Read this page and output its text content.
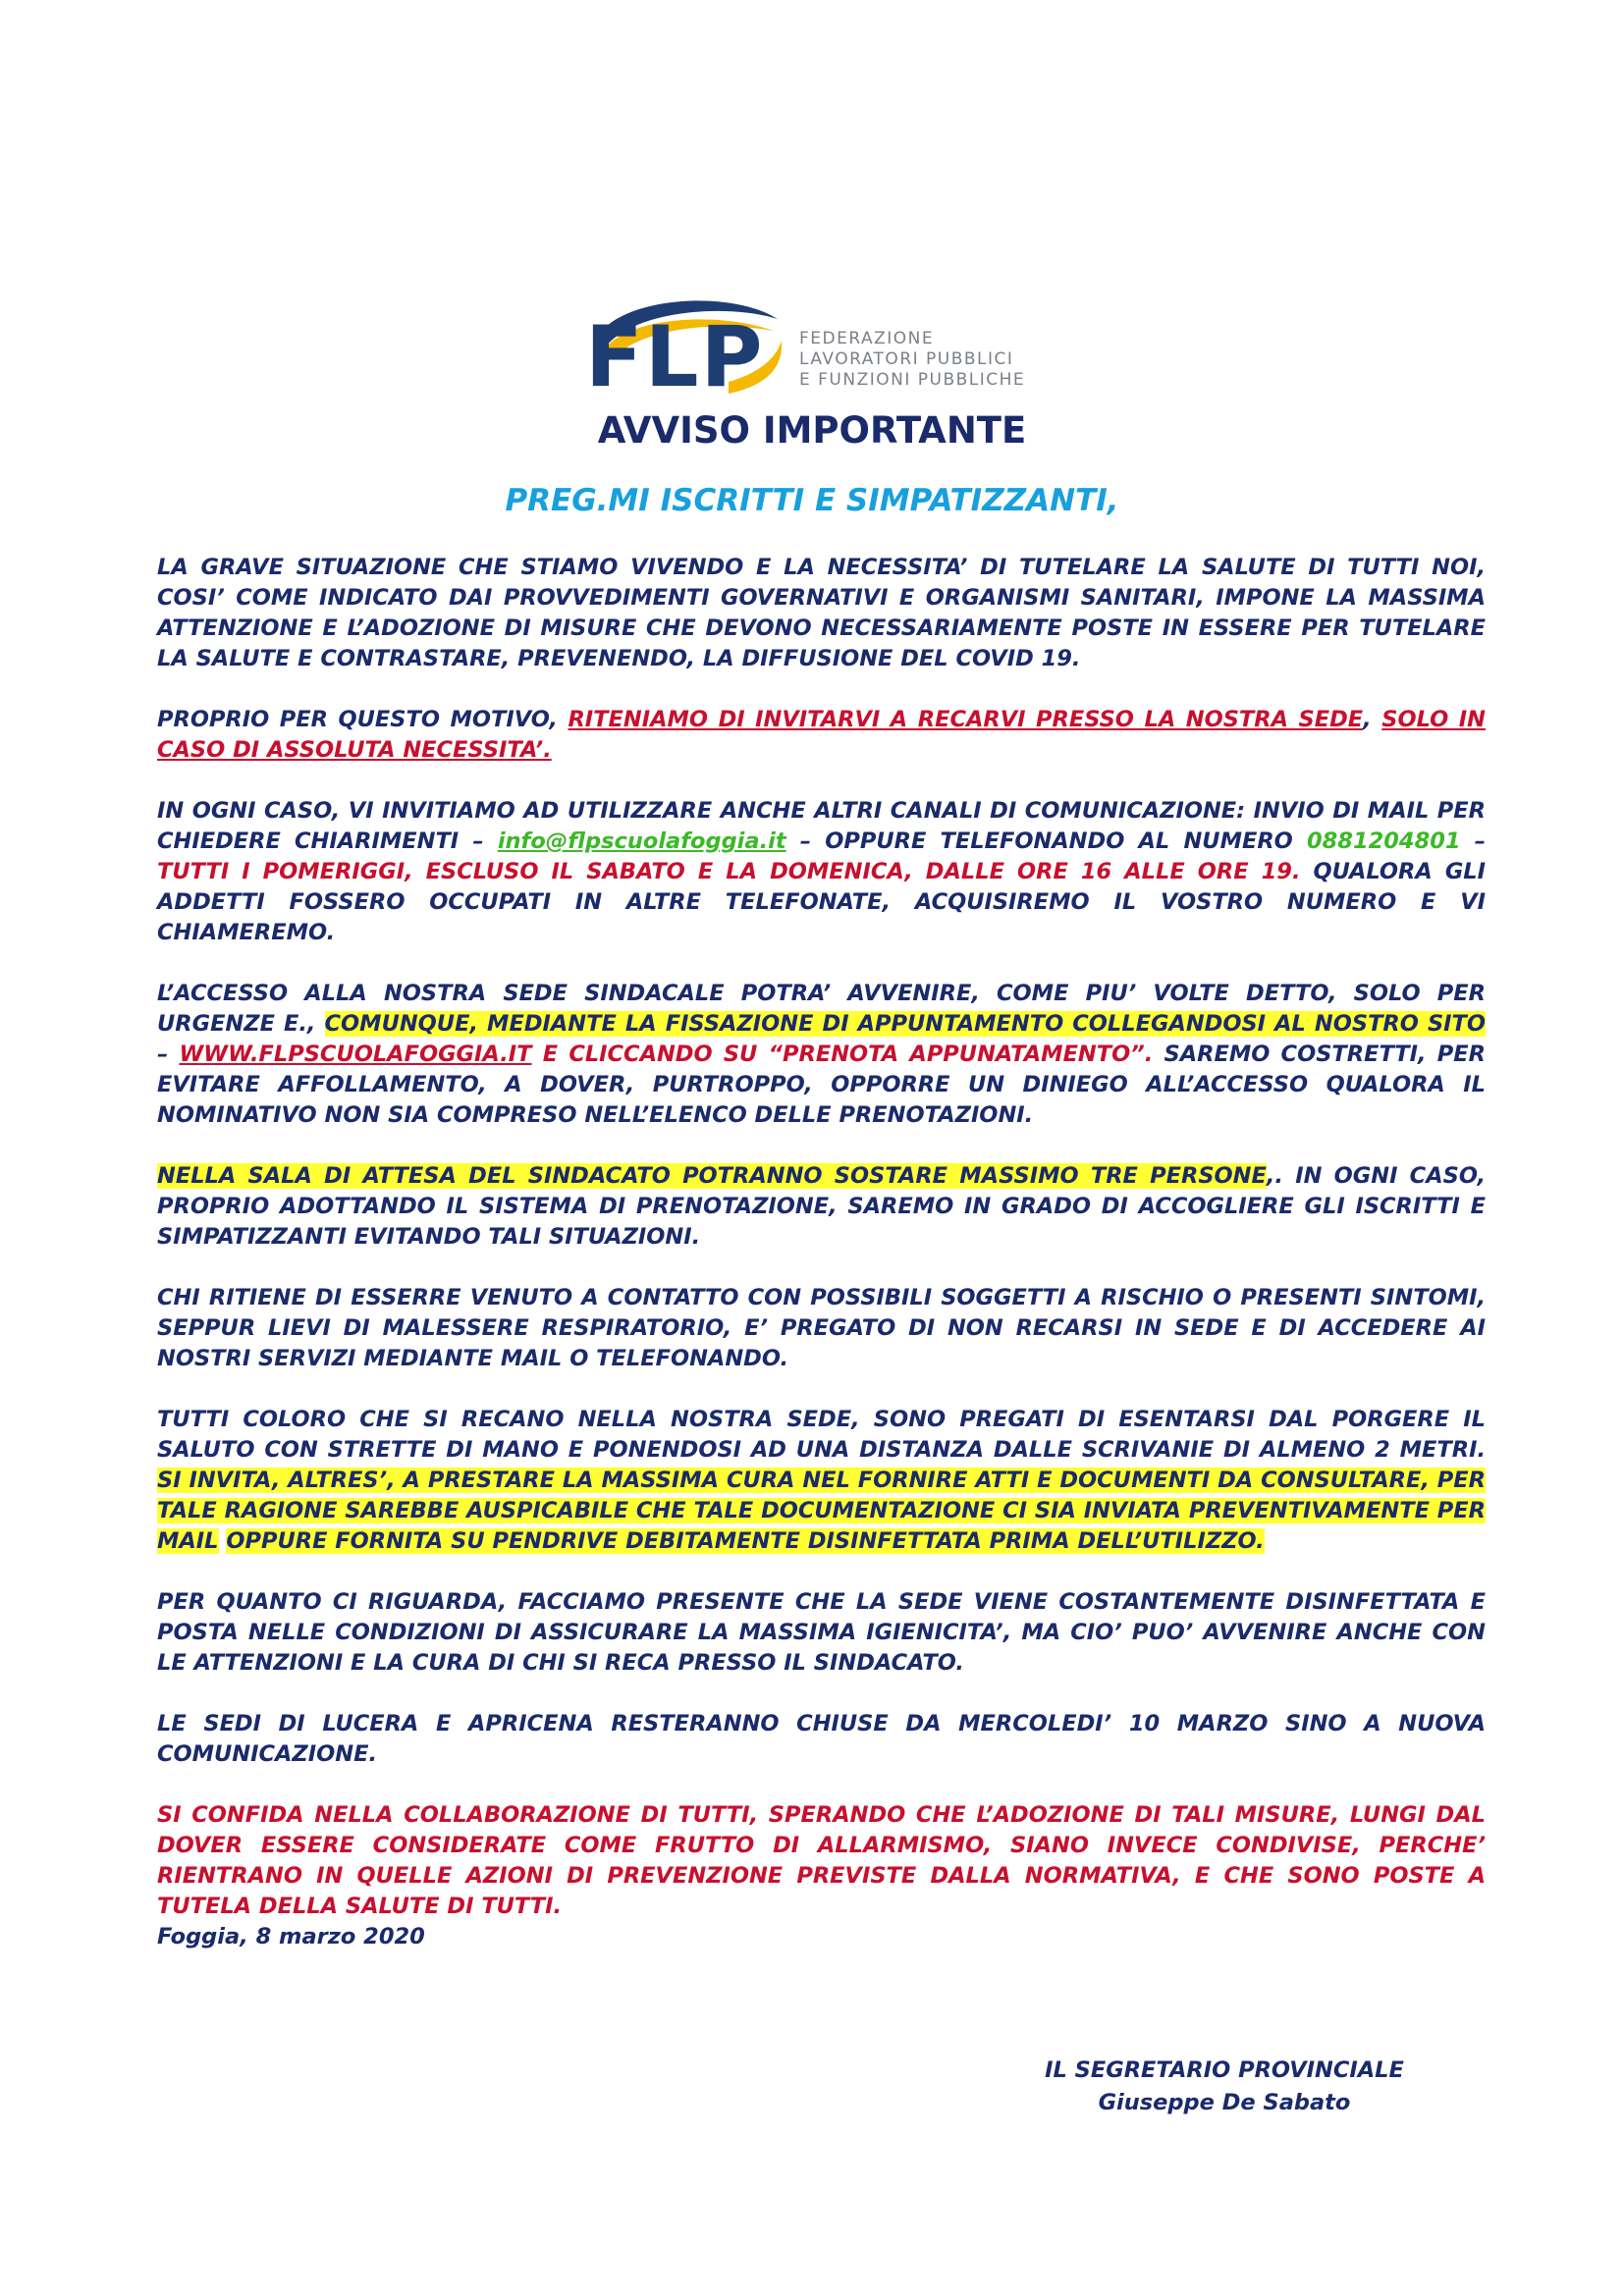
FLP FEDERAZIONE
LAVORATORI PUBBLICI
E FUNZIONI PUBBLICHE
AVVISO IMPORTANTE
PREG.MI ISCRITTI E SIMPATIZZANTI,

LA GRAVE SITUAZIONE CHE STIAMO VIVENDO E LA NECESSITA’ DI TUTELARE LA SALUTE DI TUTTI NOI, COSI’ COME INDICATO DAI PROVVEDIMENTI GOVERNATIVI E ORGANISMI SANITARI, IMPONE LA MASSIMA ATTENZIONE E L’ADOZIONE DI MISURE CHE DEVONO NECESSARIAMENTE POSTE IN ESSERE PER TUTELARE LA SALUTE E CONTRASTARE, PREVENENDO, LA DIFFUSIONE DEL COVID 19.

PROPRIO PER QUESTO MOTIVO, RITENIAMO DI INVITARVI A RECARVI PRESSO LA NOSTRA SEDE, SOLO IN CASO DI ASSOLUTA NECESSITA’.

IN OGNI CASO, VI INVITIAMO AD UTILIZZARE ANCHE ALTRI CANALI DI COMUNICAZIONE: INVIO DI MAIL PER CHIEDERE CHIARIMENTI – info@flpscuolafoggia.it – OPPURE TELEFONANDO AL NUMERO 0881204801 – TUTTI I POMERIGGI, ESCLUSO IL SABATO E LA DOMENICA, DALLE ORE 16 ALLE ORE 19. QUALORA GLI ADDETTI FOSSERO OCCUPATI IN ALTRE TELEFONATE, ACQUISIREMO IL VOSTRO NUMERO E VI CHIAMEREMO.

L’ACCESSO ALLA NOSTRA SEDE SINDACALE POTRA’ AVVENIRE, COME PIU’ VOLTE DETTO, SOLO PER URGENZE E., COMUNQUE, MEDIANTE LA FISSAZIONE DI APPUNTAMENTO COLLEGANDOSI AL NOSTRO SITO – WWW.FLPSCUOLAFOGGIA.IT E CLICCANDO SU “PRENOTA APPUNATAMENTO”. SAREMO COSTRETTI, PER EVITARE AFFOLLAMENTO, A DOVER, PURTROPPO, OPPORRE UN DINIEGO ALL’ACCESSO QUALORA IL NOMINATIVO NON SIA COMPRESO NELL’ELENCO DELLE PRENOTAZIONI.

NELLA SALA DI ATTESA DEL SINDACATO POTRANNO SOSTARE MASSIMO TRE PERSONE,. IN OGNI CASO, PROPRIO ADOTTANDO IL SISTEMA DI PRENOTAZIONE, SAREMO IN GRADO DI ACCOGLIERE GLI ISCRITTI E SIMPATIZZANTI EVITANDO TALI SITUAZIONI.

CHI RITIENE DI ESSERRE VENUTO A CONTATTO CON POSSIBILI SOGGETTI A RISCHIO O PRESENTI SINTOMI, SEPPUR LIEVI DI MALESSERE RESPIRATORIO, E’ PREGATO DI NON RECARSI IN SEDE E DI ACCEDERE AI NOSTRI SERVIZI MEDIANTE MAIL O TELEFONANDO.

TUTTI COLORO CHE SI RECANO NELLA NOSTRA SEDE, SONO PREGATI DI ESENTARSI DAL PORGERE IL SALUTO CON STRETTE DI MANO E PONENDOSI AD UNA DISTANZA DALLE SCRIVANIE DI ALMENO 2 METRI. SI INVITA, ALTRES’, A PRESTARE LA MASSIMA CURA NEL FORNIRE ATTI E DOCUMENTI DA CONSULTARE, PER TALE RAGIONE SAREBBE AUSPICABILE CHE TALE DOCUMENTAZIONE CI SIA INVIATA PREVENTIVAMENTE PER MAIL OPPURE FORNITA SU PENDRIVE DEBITAMENTE DISINFETTATA PRIMA DELL’UTILIZZO.

PER QUANTO CI RIGUARDA, FACCIAMO PRESENTE CHE LA SEDE VIENE COSTANTEMENTE DISINFETTATA E POSTA NELLE CONDIZIONI DI ASSICURARE LA MASSIMA IGIENICITA’, MA CIO’ PUO’ AVVENIRE ANCHE CON LE ATTENZIONI E LA CURA DI CHI SI RECA PRESSO IL SINDACATO.

LE SEDI DI LUCERA E APRICENA RESTERANNO CHIUSE DA MERCOLEDI’ 10 MARZO SINO A NUOVA COMUNICAZIONE.

SI CONFIDA NELLA COLLABORAZIONE DI TUTTI, SPERANDO CHE L’ADOZIONE DI TALI MISURE, LUNGI DAL DOVER ESSERE CONSIDERATE COME FRUTTO DI ALLARMISMO, SIANO INVECE CONDIVISE, PERCHE’ RIENTRANO IN QUELLE AZIONI DI PREVENZIONE PREVISTE DALLA NORMATIVA, E CHE SONO POSTE A TUTELA DELLA SALUTE DI TUTTI.

Foggia, 8 marzo 2020

IL SEGRETARIO PROVINCIALE
Giuseppe De Sabato
